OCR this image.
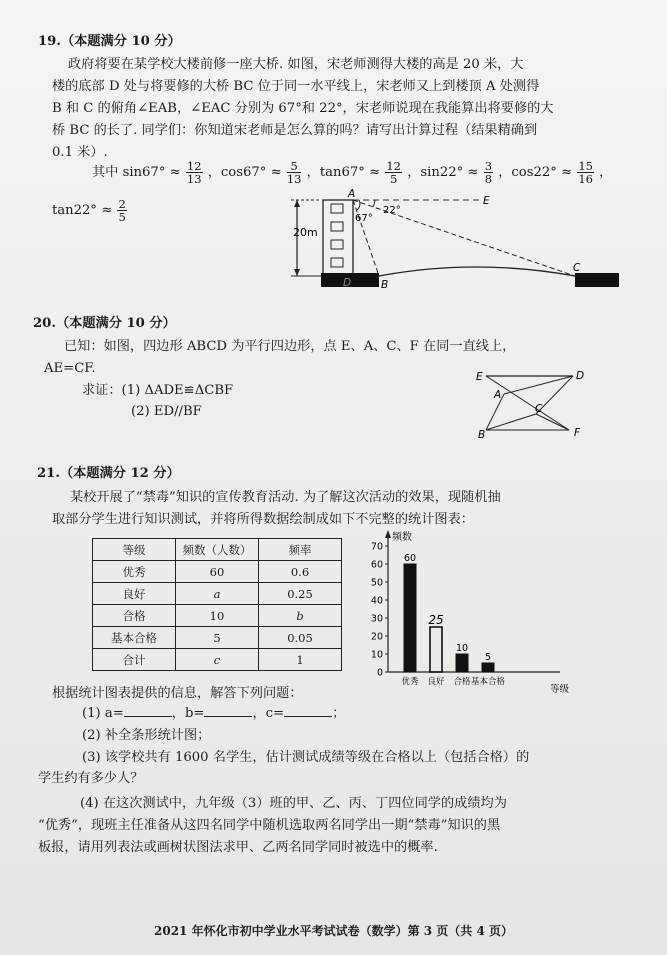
19.（本题满分 10 分）
政府将要在某学校大楼前修一座大桥. 如图，宋老师测得大楼的高是 20 米，大
楼的底部 D 处与将要修的大桥 BC 位于同一水平线上，宋老师又上到楼顶 A 处测得
B 和 C 的俯角∠EAB，∠EAC 分别为 67°和 22°，宋老师说现在我能算出将要修的大
桥 BC 的长了. 同学们：你知道宋老师是怎么算的吗？请写出计算过程（结果精确到
0.1 米）.
其中 $\sin 67^\circ \approx \frac{12}{13}$ ，$\cos 67^\circ \approx \frac{5}{13}$ ，$\tan 67^\circ \approx \frac{12}{5}$ ，$\sin 22^\circ \approx \frac{3}{8}$ ，$\cos 22^\circ \approx \frac{15}{16}$ ，
$\tan 22^\circ \approx \frac{2}{5}$
20m
A
E
67°
22°
B
C
D
20.（本题满分 10 分）
已知：如图，四边形 ABCD 为平行四边形，点 E、A、C、F 在同一直线上，
AE=CF.
求证：(1) ΔADE≌ΔCBF
(2) ED//BF
E	D
A
C
B	F
21.（本题满分 12 分）
某校开展了“禁毒”知识的宣传教育活动. 为了解这次活动的效果，现随机抽
取部分学生进行知识测试，并将所得数据绘制成如下不完整的统计图表：
等级	频数（人数）	频率
优秀	60	0.6
良好	a	0.25
合格	10	b
基本合格	5	0.05
合计	c	1
频数
等级
0
10
20
30
40
50
60
70
60
优秀
25
良好
10
合格
5
基本合格
根据统计图表提供的信息，解答下列问题：
(1) a=	，b=	，c=	；
(2) 补全条形统计图；
(3) 该学校共有 1600 名学生，估计测试成绩等级在合格以上（包括合格）的
学生约有多少人？
(4) 在这次测试中，九年级（3）班的甲、乙、丙、丁四位同学的成绩均为
“优秀”，现班主任准备从这四名同学中随机选取两名同学出一期“禁毒”知识的黑
板报，请用列表法或画树状图法求甲、乙两名同学同时被选中的概率.
2021 年怀化市初中学业水平考试试卷（数学）第 3 页（共 4 页）
